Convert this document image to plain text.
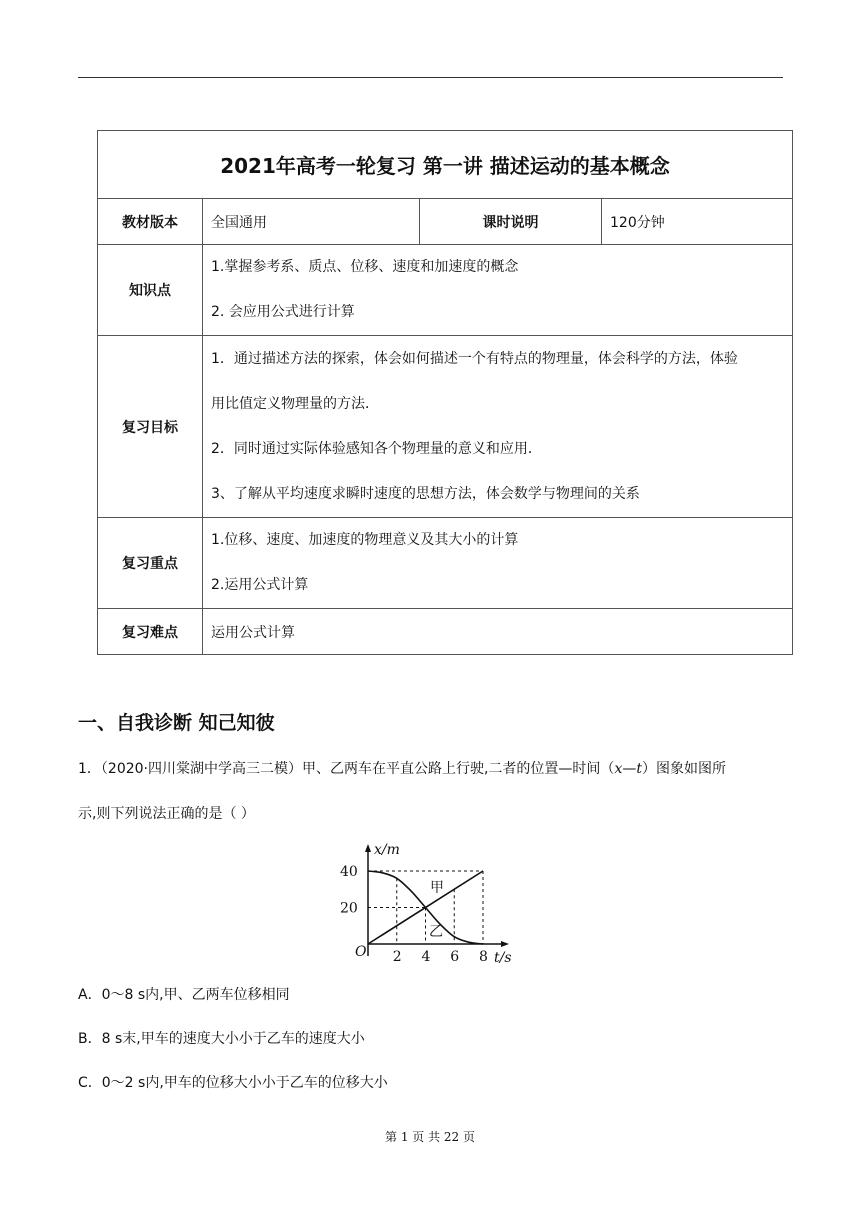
2021年高考一轮复习 第一讲 描述运动的基本概念			
教材版本	全国通用	课时说明	120分钟
知识点	1.掌握参考系、质点、位移、速度和加速度的概念
2. 会应用公式进行计算		

复习目标	1．通过描述方法的探索，体会如何描述一个有特点的物理量，体会科学的方法，体验
用比值定义物理量的方法．
2．同时通过实际体验感知各个物理量的意义和应用．
3、了解从平均速度求瞬时速度的思想方法，体会数学与物理间的关系		

复习重点	1.位移、速度、加速度的物理意义及其大小的计算
2.运用公式计算		

复习难点	运用公式计算		
一、自我诊断 知己知彼

1．（2020·四川棠湖中学高三二模）甲、乙两车在平直公路上行驶,二者的位置—时间（x—t）图象如图所

示,则下列说法正确的是（ ）

2 4 6 8
20
40
x/m
t/s
O
甲
乙

A．0～8 s内,甲、乙两车位移相同

B．8 s末,甲车的速度大小小于乙车的速度大小

C．0～2 s内,甲车的位移大小小于乙车的位移大小

第 1 页 共 22 页
